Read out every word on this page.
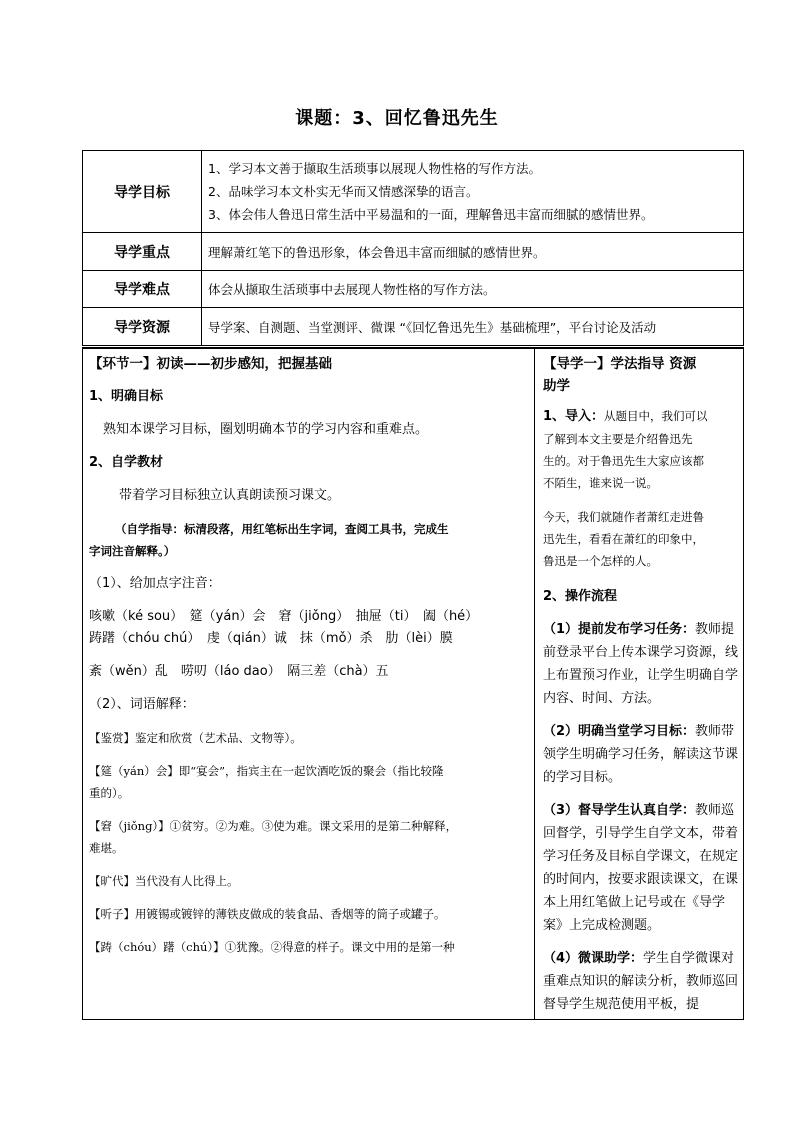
课题：3、回忆鲁迅先生
导学目标	1、学习本文善于撷取生活琐事以展现人物性格的写作方法。

2、品味学习本文朴实无华而又情感深挚的语言。

3、体会伟人鲁迅日常生活中平易温和的一面，理解鲁迅丰富而细腻的感情世界。

导学重点	理解萧红笔下的鲁迅形象，体会鲁迅丰富而细腻的感情世界。
导学难点	体会从撷取生活琐事中去展现人物性格的写作方法。
导学资源	导学案、自测题、当堂测评、微课 “《回忆鲁迅先生》基础梳理”，平台讨论及活动

【环节一】初读——初步感知，把握基础

1、明确目标

熟知本课学习目标，圈划明确本节的学习内容和重难点。

2、自学教材

带着学习目标独立认真朗读预习课文。

（自学指导：标清段落，用红笔标出生字词，查阅工具书，完成生

字词注音解释。）

（1）、给加点字注音：

咳嗽（ké sou）　筵（yán）会　窘（jiǒng）　抽屉（ti）　阖（hé）

踌躇（chóu chú）　虔（qián）诚　抹（mǒ）杀　肋（lèi）膜

紊（wěn）乱　唠叨（láo dao）　隔三差（chà）五

（2）、词语解释：

【鉴赏】鉴定和欣赏（艺术品、文物等）。

【筵（yán）会】即“宴会”，指宾主在一起饮酒吃饭的聚会（指比较隆

重的）。

【窘（jiǒng）】①贫穷。②为难。③使为难。课文采用的是第二种解释，

难堪。

【旷代】当代没有人比得上。

【听子】用镀锡或镀锌的薄铁皮做成的装食品、香烟等的筒子或罐子。

【踌（chóu）躇（chú）】①犹豫。②得意的样子。课文中用的是第一种

【导学一】学法指导 资源

助学

1、导入：从题目中，我们可以

了解到本文主要是介绍鲁迅先

生的。对于鲁迅先生大家应该都

不陌生，谁来说一说。

今天，我们就随作者萧红走进鲁

迅先生，看看在萧红的印象中，

鲁迅是一个怎样的人。

2、操作流程

（1）提前发布学习任务：教师提前登录平台上传本课学习资源，线上布置预习作业，让学生明确自学内容、时间、方法。

（2）明确当堂学习目标：教师带领学生明确学习任务，解读这节课的学习目标。

（3）督导学生认真自学：教师巡回督学，引导学生自学文本，带着学习任务及目标自学课文，在规定的时间内，按要求跟读课文，在课本上用红笔做上记号或在《导学案》上完成检测题。

（4）微课助学：学生自学微课对重难点知识的解读分析，教师巡回督导学生规范使用平板，提
